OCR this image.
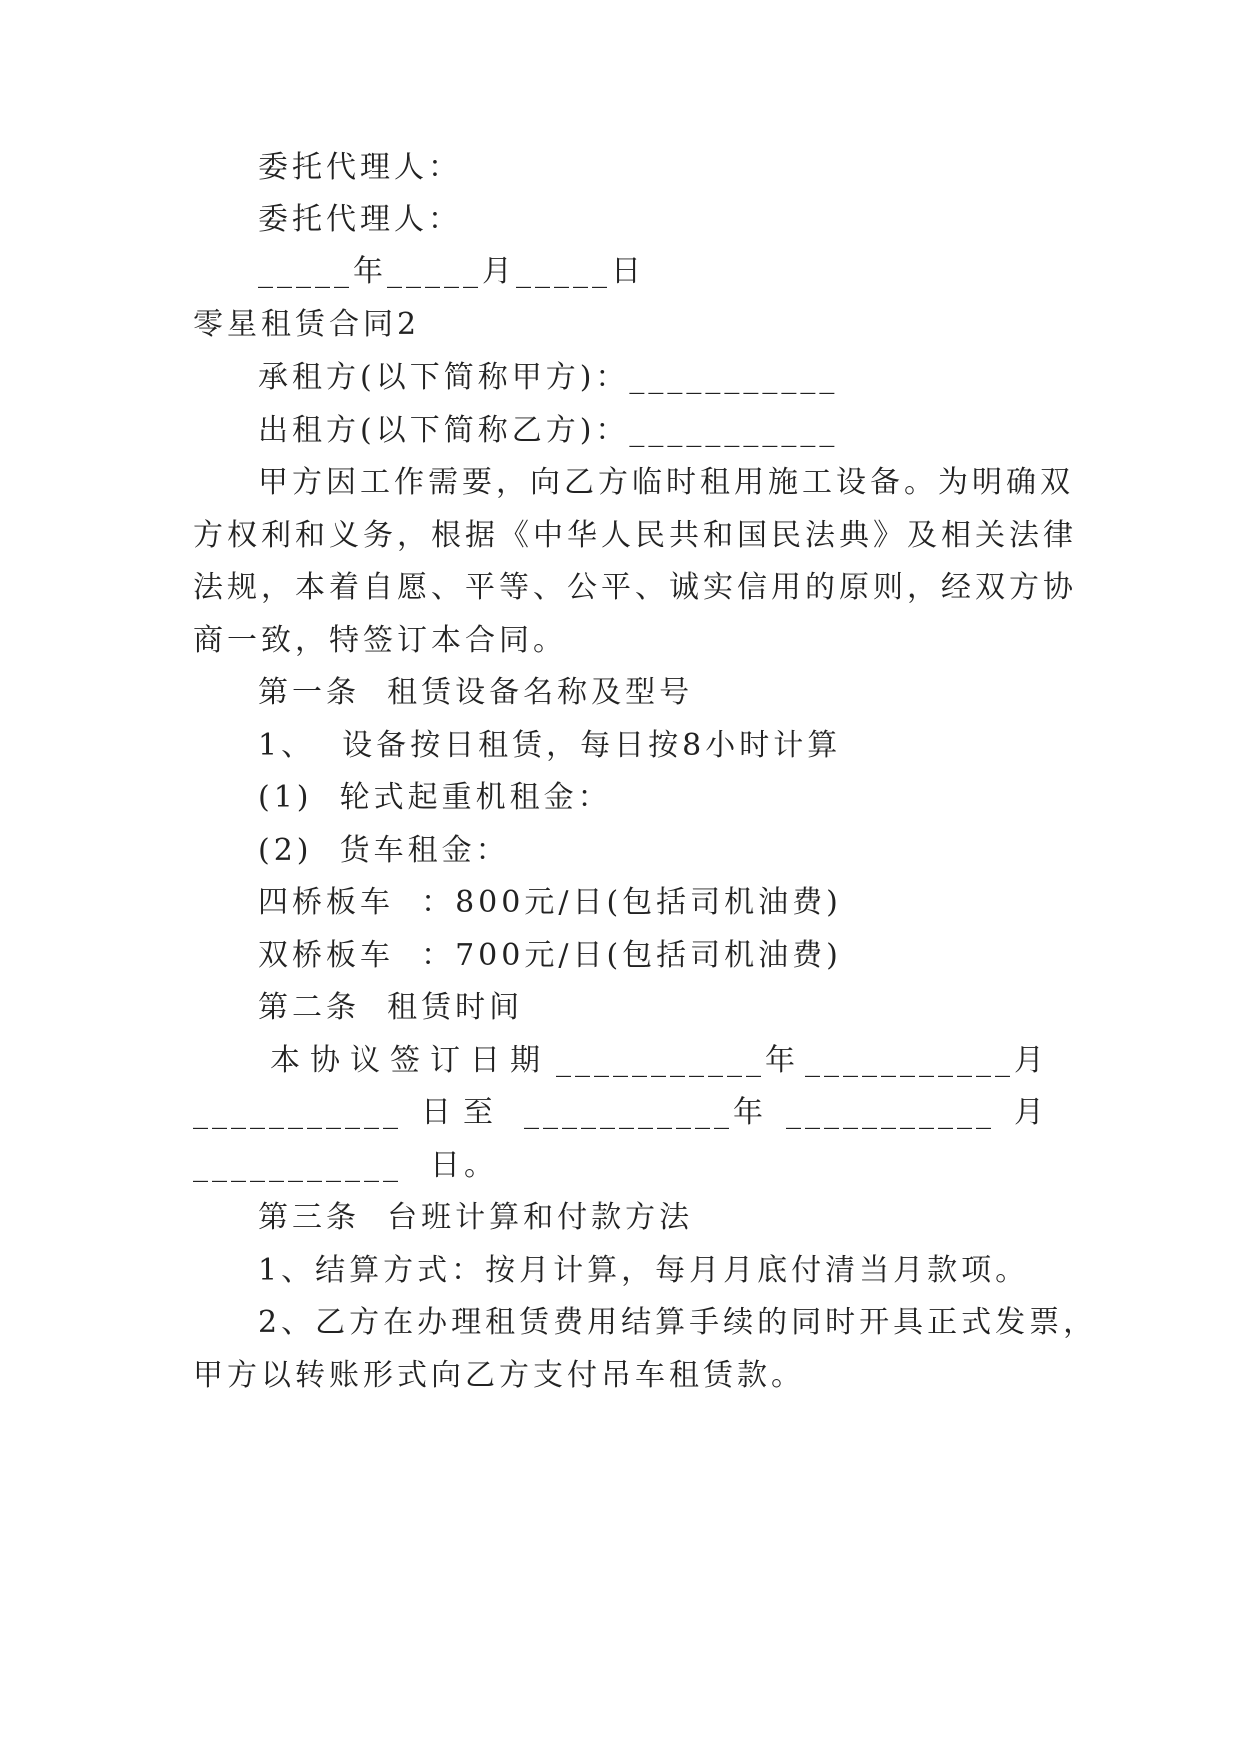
委托代理人：
委托代理人：
_____年_____月_____日
零星租赁合同2
承租方(以下简称甲方)：___________
出租方(以下简称乙方)：___________
甲方因工作需要，向乙方临时租用施工设备。为明确双
方权利和义务，根据《中华人民共和国民法典》及相关法律
法规，本着自愿、平等、公平、诚实信用的原则，经双方协
商一致，特签订本合同。
第一条  租赁设备名称及型号
1、  设备按日租赁，每日按8小时计算
(1)  轮式起重机租金：
(2)  货车租金：
四桥板车  ：800元/日(包括司机油费)
双桥板车  ：700元/日(包括司机油费)
第二条  租赁时间
本协议签订日期 ___________年 ___________月
___________ 日至 ___________年 ___________ 月
___________ 日。
第三条  台班计算和付款方法
1、结算方式：按月计算，每月月底付清当月款项。
2、乙方在办理租赁费用结算手续的同时开具正式发票，
甲方以转账形式向乙方支付吊车租赁款。
